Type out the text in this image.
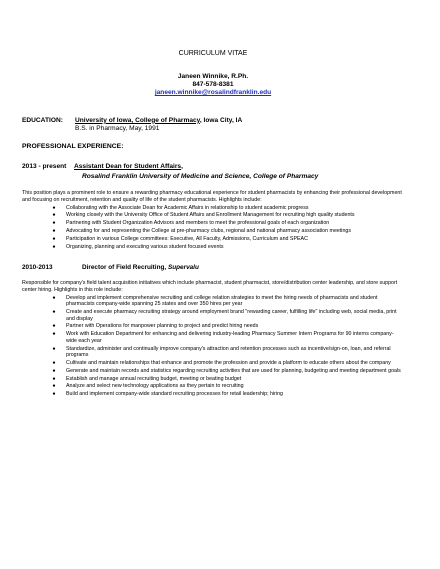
CURRICULUM VITAE
Janeen Winnike, R.Ph.
847-578-8381
janeen.winnike@rosalindfranklin.edu
EDUCATION:	University of Iowa, College of Pharmacy, Iowa City, IA
B.S. in Pharmacy, May, 1991
PROFESSIONAL EXPERIENCE:
2013 - present	Assistant Dean for Student Affairs,
Rosalind Franklin University of Medicine and Science, College of Pharmacy
This position plays a prominent role to ensure a rewarding pharmacy educational experience for student pharmacists by enhancing their professional development and focusing on recruitment, retention and quality of life of the student pharmacists. Highlights include:
●	Collaborating with the Associate Dean for Academic Affairs in relationship to student academic progress
●	Working closely with the University Office of Student Affairs and Enrollment Management for recruiting high quality students
●	Partnering with Student Organization Advisors and members to meet the professional goals of each organization
●	Advocating for and representing the College at pre-pharmacy clubs, regional and national pharmacy association meetings
●	Participation in various College committees: Executive, All Faculty, Admissions, Curriculum and SPEAC
●	Organizing, planning and executing various student focused events
2010-2013	Director of Field Recruiting, Supervalu
Responsible for company's field talent acquisition initiatives which include pharmacist, student pharmacist, store/distribution center leadership, and store support center hiring. Highlights in this role include:
●	Develop and implement comprehensive recruiting and college relation strategies to meet the hiring needs of pharmacists and student pharmacists company-wide spanning 25 states and over 350 hires per year
●	Create and execute pharmacy recruiting strategy around employment brand "rewarding career, fulfilling life" including web, social media, print and display
●	Partner with Operations for manpower planning to project and predict hiring needs
●	Work with Education Department for enhancing and delivering industry-leading Pharmacy Summer Intern Programs for 90 interns company-wide each year
●	Standardize, administer and continually improve company's attraction and retention processes such as incentive/sign-on, loan, and referral programs
●	Cultivate and maintain relationships that enhance and promote the profession and provide a platform to educate others about the company
●	Generate and maintain records and statistics regarding recruiting activities that are used for planning, budgeting and meeting department goals
●	Establish and manage annual recruiting budget, meeting or beating budget
●	Analyze and select new technology applications as they pertain to recruiting
●	Build and implement company-wide standard recruiting processes for retail leadership; hiring
